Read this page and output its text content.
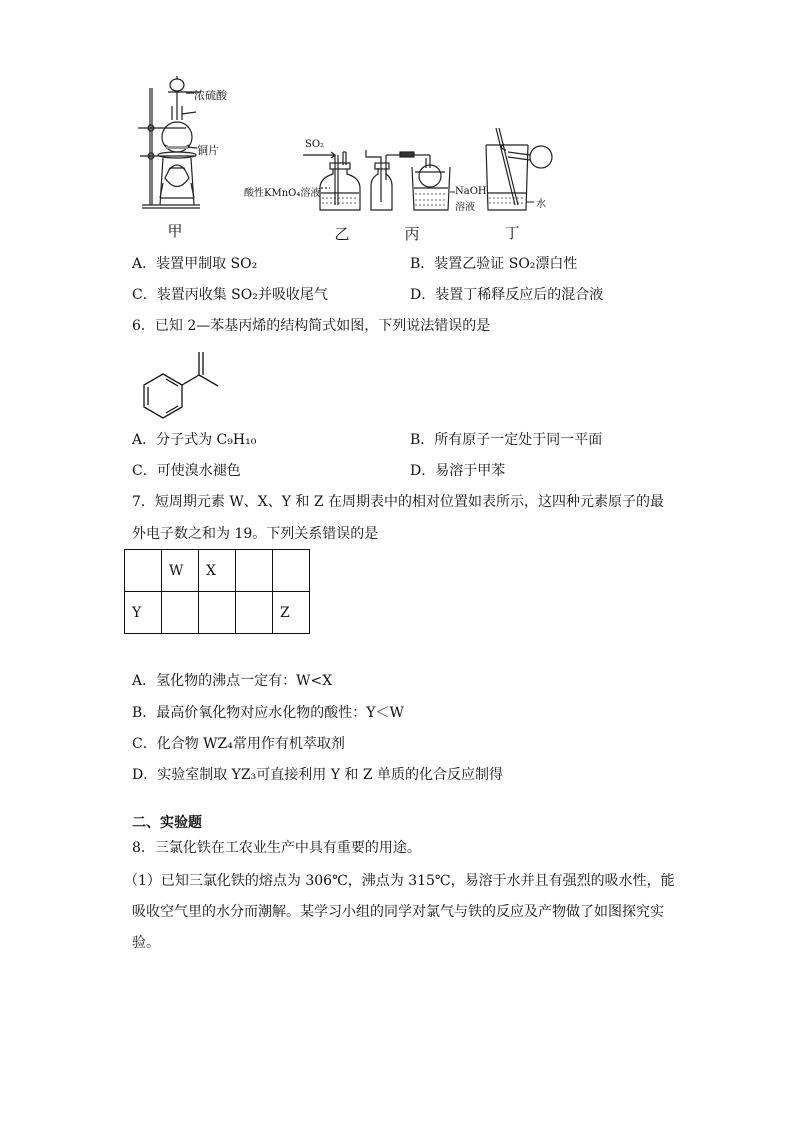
浓硫酸
铜片
甲
SO₂
酸性KMnO₄溶液
乙
NaOH
溶液
丙
水
丁
A．装置甲制取 SO₂	B．装置乙验证 SO₂漂白性
C．装置丙收集 SO₂并吸收尾气	D．装置丁稀释反应后的混合液
6．已知 2—苯基丙烯的结构简式如图，下列说法错误的是
A．分子式为 C₉H₁₀	B．所有原子一定处于同一平面
C．可使溴水褪色	D．易溶于甲苯
7．短周期元素 W、X、Y 和 Z 在周期表中的相对位置如表所示，这四种元素原子的最
外电子数之和为 19。下列关系错误的是
	W	X		
Y				Z
A．氢化物的沸点一定有：W<X
B．最高价氧化物对应水化物的酸性：Y＜W
C．化合物 WZ₄常用作有机萃取剂
D．实验室制取 YZ₃可直接利用 Y 和 Z 单质的化合反应制得
二、实验题
8．三氯化铁在工农业生产中具有重要的用途。
（1）已知三氯化铁的熔点为 306℃，沸点为 315℃，易溶于水并且有强烈的吸水性，能
吸收空气里的水分而潮解。某学习小组的同学对氯气与铁的反应及产物做了如图探究实
验。
